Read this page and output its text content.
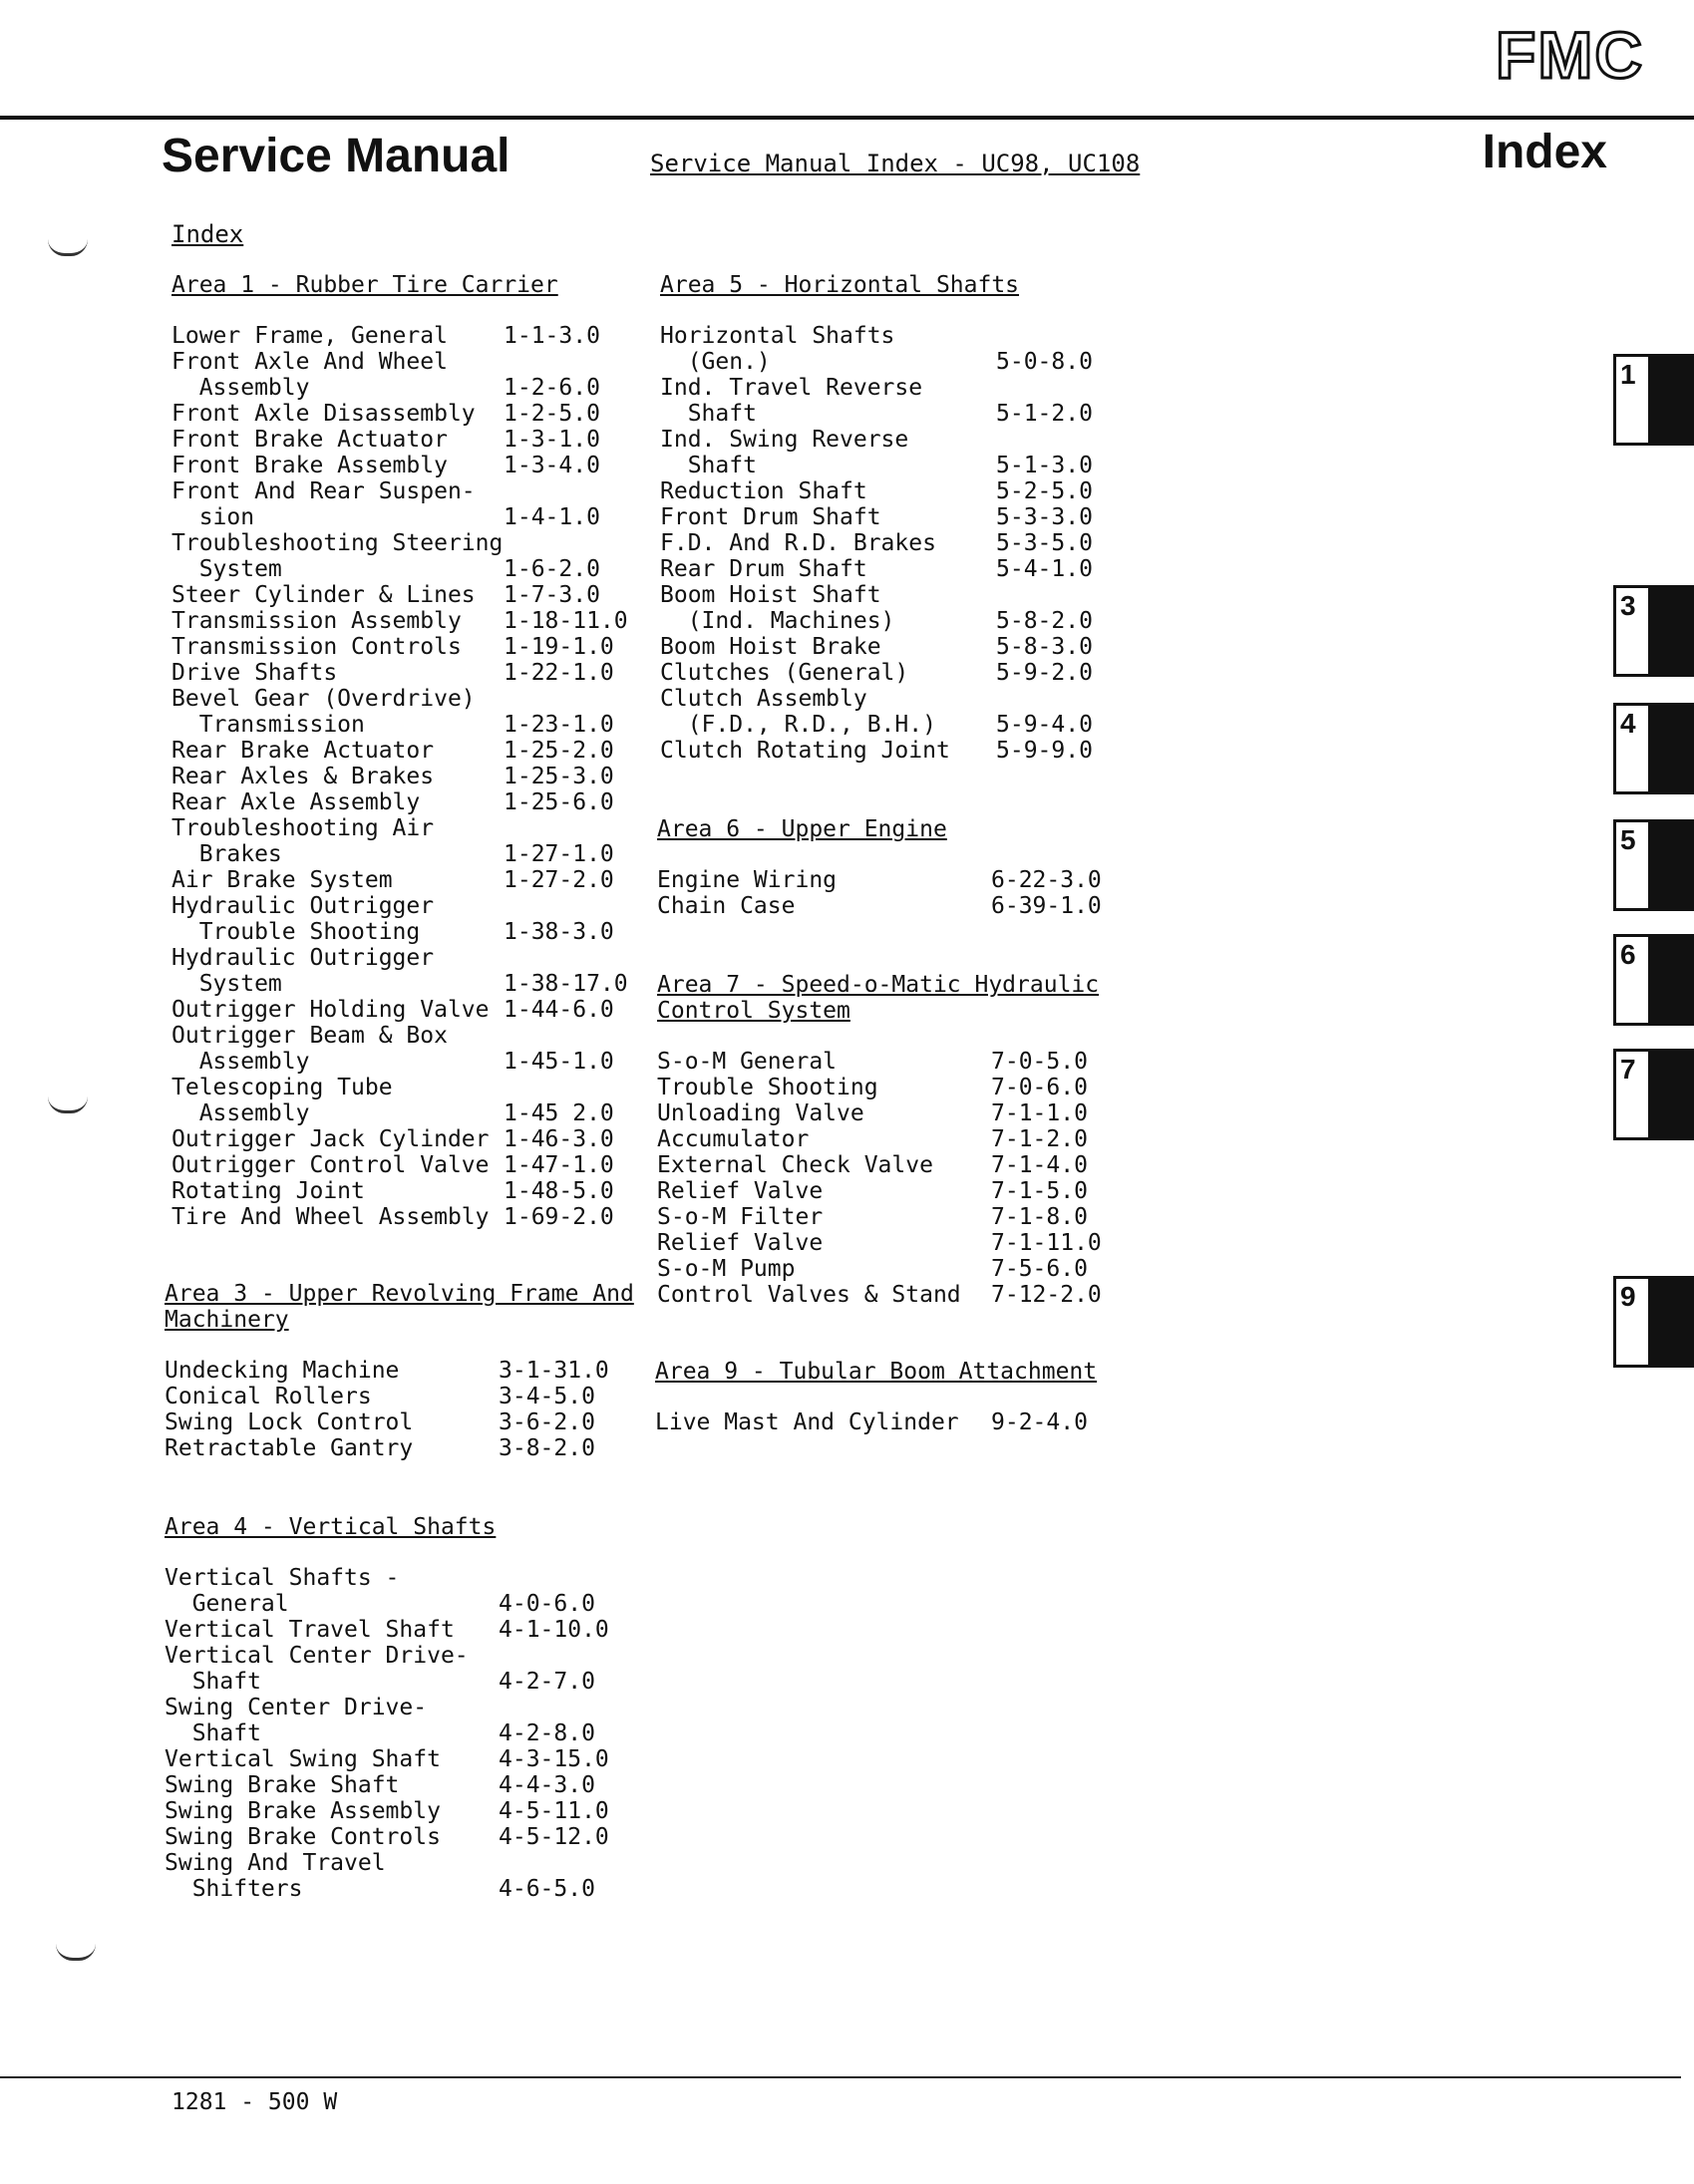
FMC
Service Manual	Service Manual Index - UC98, UC108	Index
Index
Area 1 - Rubber Tire Carrier
Lower Frame, General 1-1-3.0
Front Axle And Wheel
Assembly	1-2-6.0
Front Axle Disassembly 1-2-5.0
Front Brake Actuator 1-3-1.0
Front Brake Assembly 1-3-4.0
Front And Rear Suspen-
sion	1-4-1.0
Troubleshooting Steering
System	1-6-2.0
Steer Cylinder & Lines 1-7-3.0
Transmission Assembly 1-18-11.0
Transmission Controls 1-19-1.0
Drive Shafts	1-22-1.0
Bevel Gear (Overdrive)
Transmission	1-23-1.0
Rear Brake Actuator	1-25-2.0
Rear Axles & Brakes	1-25-3.0
Rear Axle Assembly	1-25-6.0
Troubleshooting Air
Brakes	1-27-1.0
Air Brake System	1-27-2.0
Hydraulic Outrigger
Trouble Shooting	1-38-3.0
Hydraulic Outrigger
System	1-38-17.0
Outrigger Holding Valve 1-44-6.0
Outrigger Beam & Box
Assembly	1-45-1.0
Telescoping Tube
Assembly	1-45 2.0
Outrigger Jack Cylinder 1-46-3.0
Outrigger Control Valve 1-47-1.0
Rotating Joint	1-48-5.0
Tire And Wheel Assembly 1-69-2.0
Area 3 - Upper Revolving Frame And
Machinery
Undecking Machine	3-1-31.0
Conical Rollers	3-4-5.0
Swing Lock Control	3-6-2.0
Retractable Gantry	3-8-2.0
Area 4 - Vertical Shafts
Vertical Shafts -
General	4-0-6.0
Vertical Travel Shaft 4-1-10.0
Vertical Center Drive-
Shaft	4-2-7.0
Swing Center Drive-
Shaft	4-2-8.0
Vertical Swing Shaft	4-3-15.0
Swing Brake Shaft	4-4-3.0
Swing Brake Assembly	4-5-11.0
Swing Brake Controls	4-5-12.0
Swing And Travel
Shifters	4-6-5.0
Area 5 - Horizontal Shafts
Horizontal Shafts
(Gen.)	5-0-8.0
Ind. Travel Reverse
Shaft	5-1-2.0
Ind. Swing Reverse
Shaft	5-1-3.0
Reduction Shaft	5-2-5.0
Front Drum Shaft	5-3-3.0
F.D. And R.D. Brakes	5-3-5.0
Rear Drum Shaft	5-4-1.0
Boom Hoist Shaft
(Ind. Machines)	5-8-2.0
Boom Hoist Brake	5-8-3.0
Clutches (General)	5-9-2.0
Clutch Assembly
(F.D., R.D., B.H.)	5-9-4.0
Clutch Rotating Joint 5-9-9.0
Area 6 - Upper Engine
Engine Wiring	6-22-3.0
Chain Case	6-39-1.0
Area 7 - Speed-o-Matic Hydraulic
Control System
S-o-M General	7-0-5.0
Trouble Shooting	7-0-6.0
Unloading Valve	7-1-1.0
Accumulator	7-1-2.0
External Check Valve	7-1-4.0
Relief Valve	7-1-5.0
S-o-M Filter	7-1-8.0
Relief Valve	7-1-11.0
S-o-M Pump	7-5-6.0
Control Valves & Stand 7-12-2.0
Area 9 - Tubular Boom Attachment
Live Mast And Cylinder 9-2-4.0
1
3
4
5
6
7
9
1281 - 500 W
